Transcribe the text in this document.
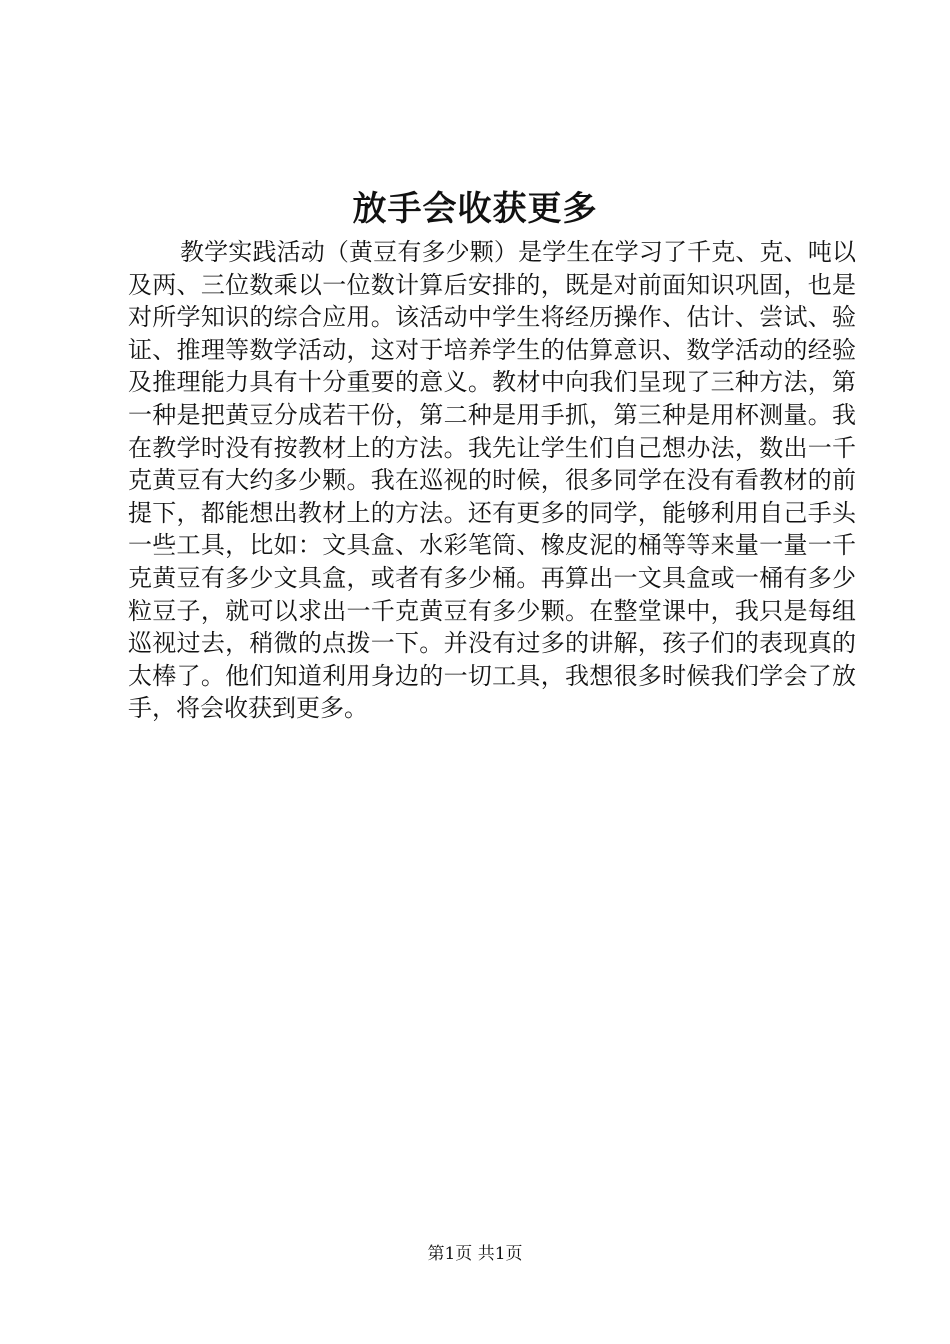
放手会收获更多

教学实践活动（黄豆有多少颗）是学生在学习了千克、克、吨以及两、三位数乘以一位数计算后安排的，既是对前面知识巩固，也是对所学知识的综合应用。该活动中学生将经历操作、估计、尝试、验证、推理等数学活动，这对于培养学生的估算意识、数学活动的经验及推理能力具有十分重要的意义。教材中向我们呈现了三种方法，第一种是把黄豆分成若干份，第二种是用手抓，第三种是用杯测量。我在教学时没有按教材上的方法。我先让学生们自己想办法，数出一千克黄豆有大约多少颗。我在巡视的时候，很多同学在没有看教材的前提下，都能想出教材上的方法。还有更多的同学，能够利用自己手头一些工具，比如：文具盒、水彩笔筒、橡皮泥的桶等等来量一量一千克黄豆有多少文具盒，或者有多少桶。再算出一文具盒或一桶有多少粒豆子，就可以求出一千克黄豆有多少颗。在整堂课中，我只是每组巡视过去，稍微的点拨一下。并没有过多的讲解，孩子们的表现真的太棒了。他们知道利用身边的一切工具，我想很多时候我们学会了放手，将会收获到更多。

第1页 共1页
